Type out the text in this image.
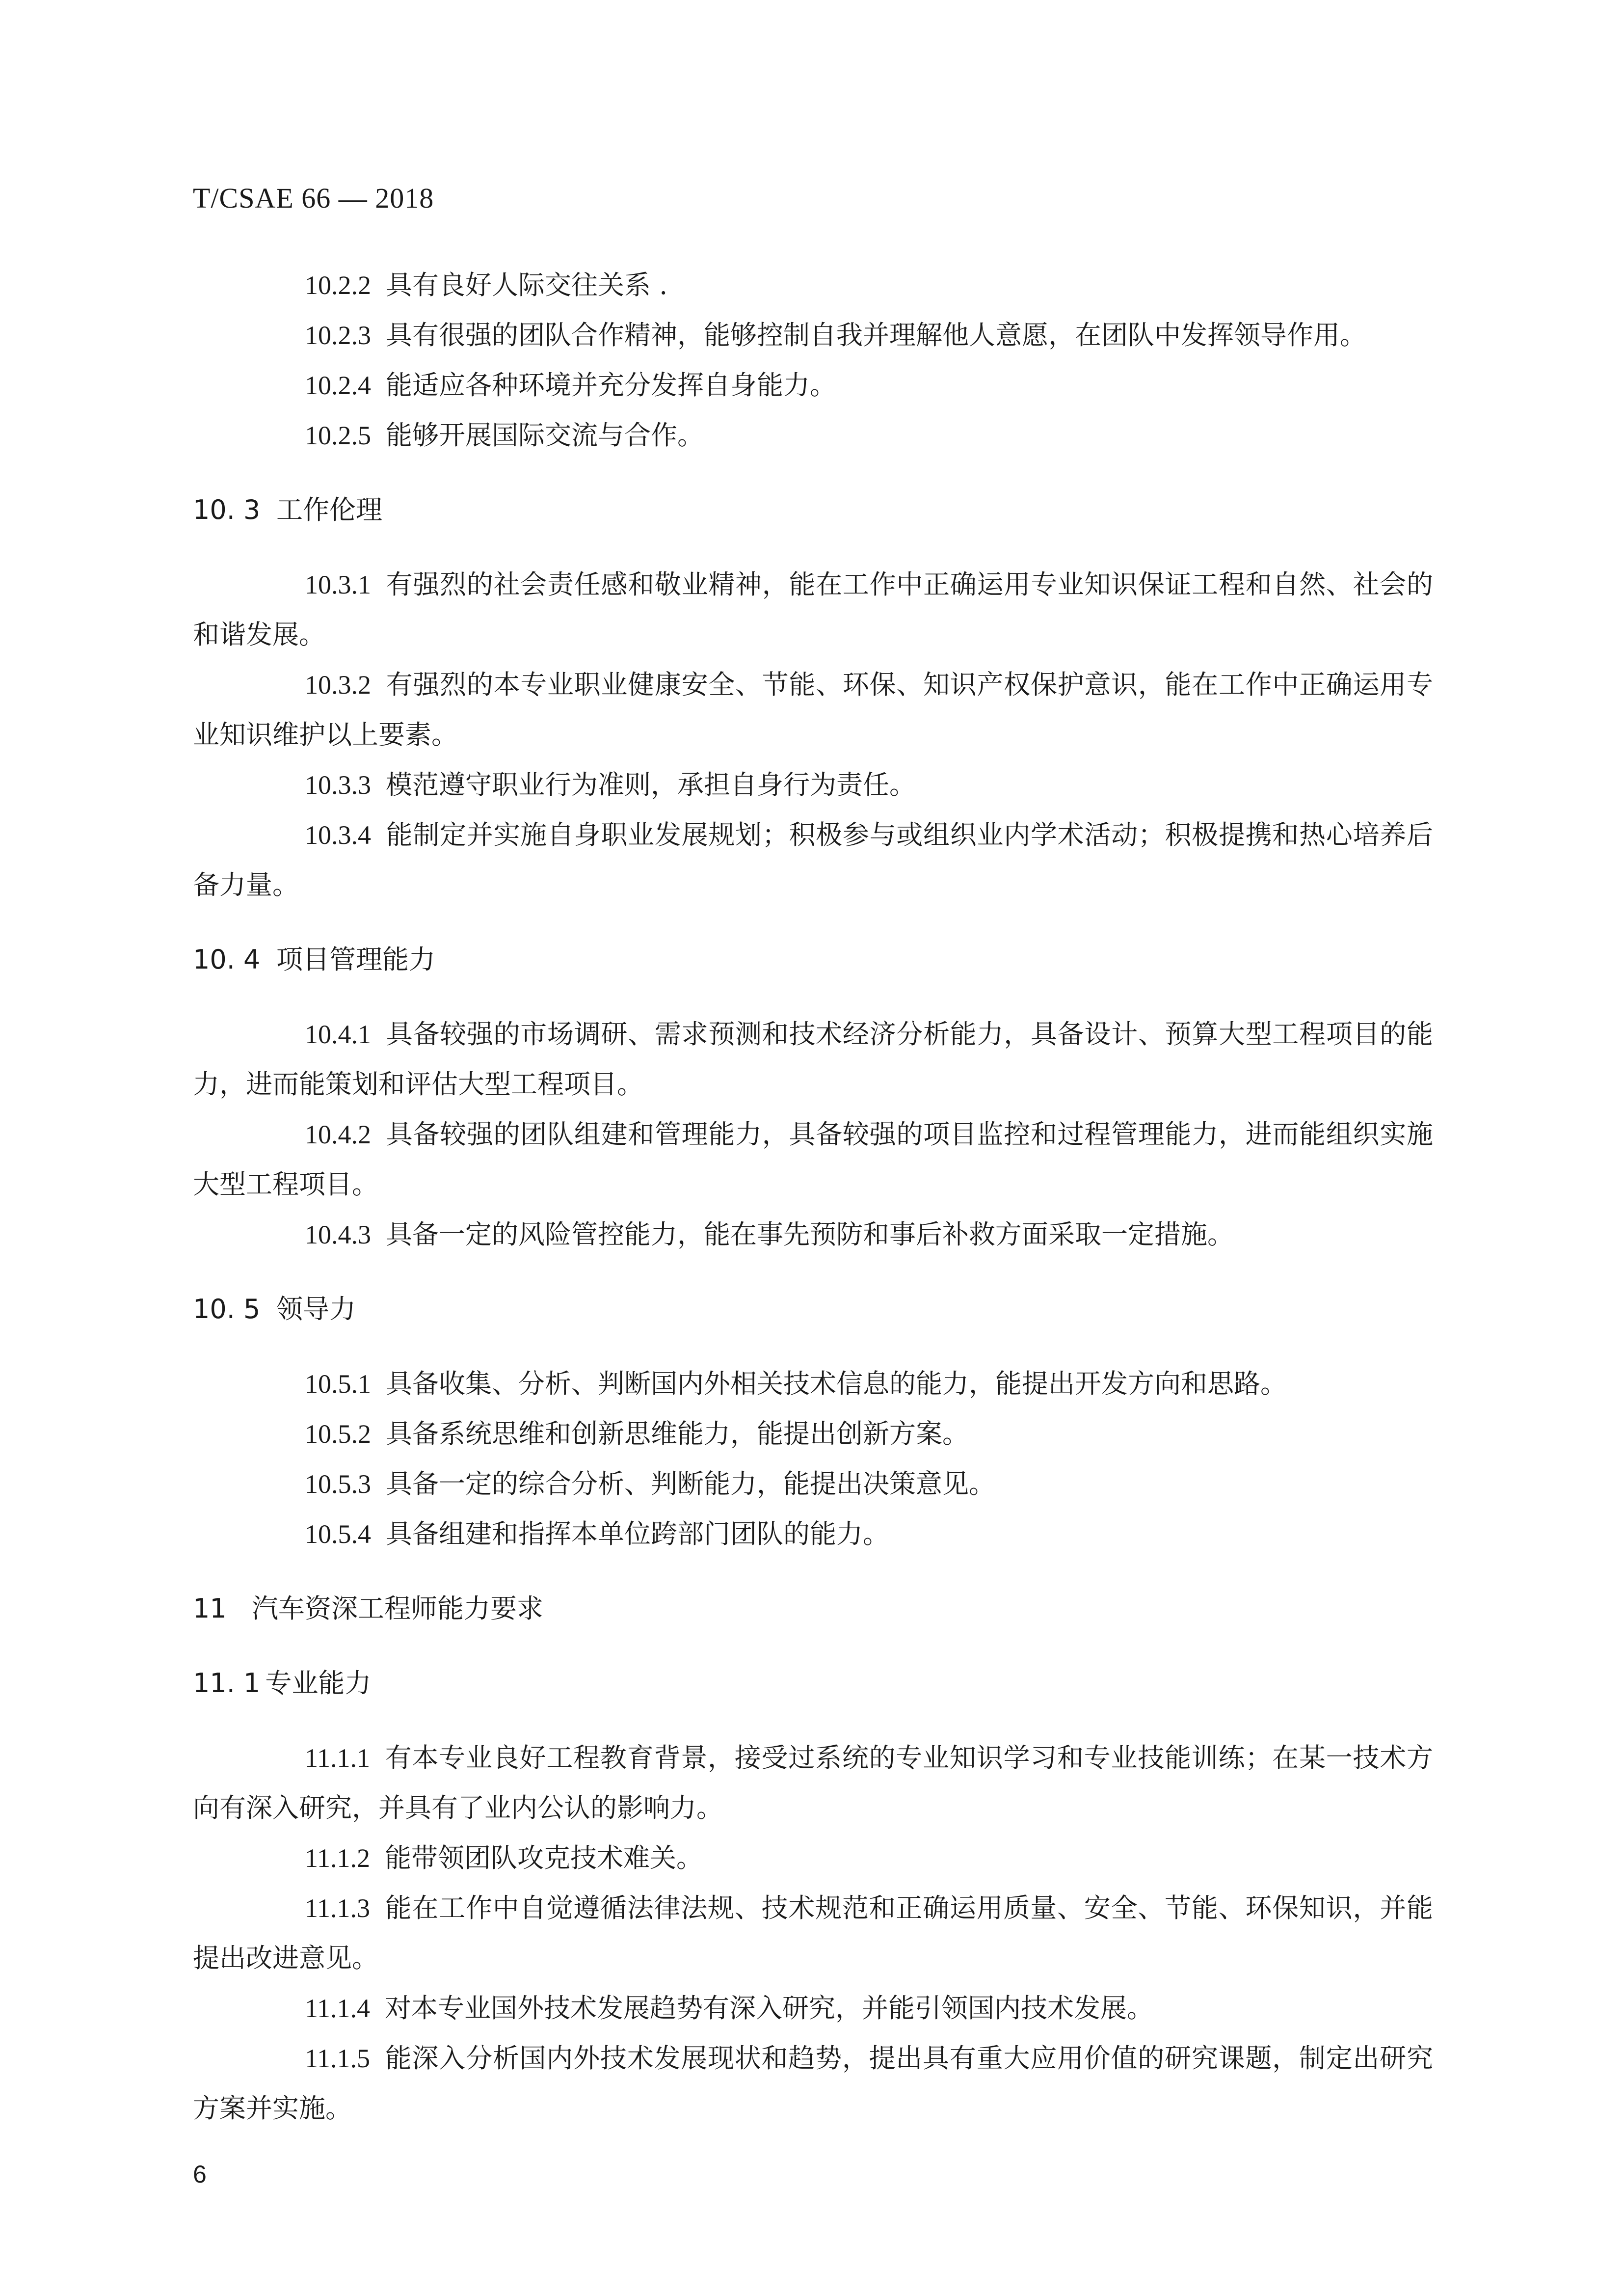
T/CSAE 66 — 2018

10.2.2 具有良好人际交往关系 .

10.2.3 具有很强的团队合作精神，能够控制自我并理解他人意愿，在团队中发挥领导作用。

10.2.4 能适应各种环境并充分发挥自身能力。

10.2.5 能够开展国际交流与合作。

10. 3 工作伦理

10.3.1 有强烈的社会责任感和敬业精神，能在工作中正确运用专业知识保证工程和自然、社会的和谐发展。

10.3.2 有强烈的本专业职业健康安全、节能、环保、知识产权保护意识，能在工作中正确运用专业知识维护以上要素。

10.3.3 模范遵守职业行为准则，承担自身行为责任。

10.3.4 能制定并实施自身职业发展规划；积极参与或组织业内学术活动；积极提携和热心培养后备力量。

10. 4 项目管理能力

10.4.1 具备较强的市场调研、需求预测和技术经济分析能力，具备设计、预算大型工程项目的能力，进而能策划和评估大型工程项目。

10.4.2 具备较强的团队组建和管理能力，具备较强的项目监控和过程管理能力，进而能组织实施大型工程项目。

10.4.3 具备一定的风险管控能力，能在事先预防和事后补救方面采取一定措施。

10. 5 领导力

10.5.1 具备收集、分析、判断国内外相关技术信息的能力，能提出开发方向和思路。

10.5.2 具备系统思维和创新思维能力，能提出创新方案。

10.5.3 具备一定的综合分析、判断能力，能提出决策意见。

10.5.4 具备组建和指挥本单位跨部门团队的能力。

11 汽车资深工程师能力要求
11. 1 专业能力

11.1.1 有本专业良好工程教育背景，接受过系统的专业知识学习和专业技能训练；在某一技术方向有深入研究，并具有了业内公认的影响力。

11.1.2 能带领团队攻克技术难关。

11.1.3 能在工作中自觉遵循法律法规、技术规范和正确运用质量、安全、节能、环保知识，并能提出改进意见。

11.1.4 对本专业国外技术发展趋势有深入研究，并能引领国内技术发展。

11.1.5 能深入分析国内外技术发展现状和趋势，提出具有重大应用价值的研究课题，制定出研究方案并实施。

6
